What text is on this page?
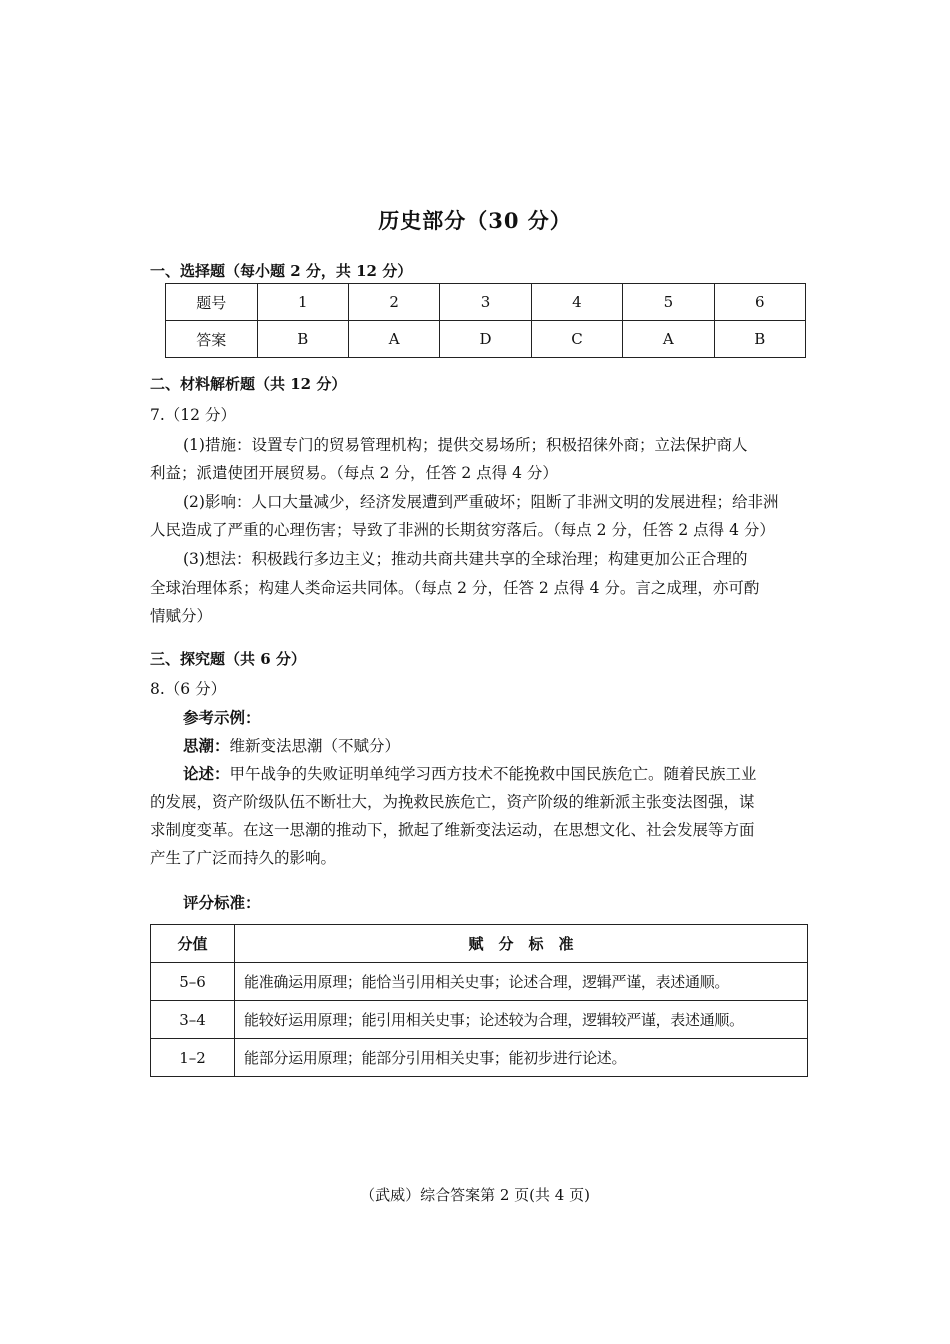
历史部分（30 分）
一、选择题（每小题 2 分，共 12 分）
题号	1	2	3	4	5	6
答案	B	A	D	C	A	B
二、材料解析题（共 12 分）
7.（12 分）
(1)措施：设置专门的贸易管理机构；提供交易场所；积极招徕外商；立法保护商人
利益；派遣使团开展贸易。（每点 2 分，任答 2 点得 4 分）
(2)影响：人口大量减少，经济发展遭到严重破坏；阻断了非洲文明的发展进程；给非洲
人民造成了严重的心理伤害；导致了非洲的长期贫穷落后。（每点 2 分，任答 2 点得 4 分）
(3)想法：积极践行多边主义；推动共商共建共享的全球治理；构建更加公正合理的
全球治理体系；构建人类命运共同体。（每点 2 分，任答 2 点得 4 分。言之成理，亦可酌
情赋分）
三、探究题（共 6 分）
8.（6 分）
参考示例：
思潮：维新变法思潮（不赋分）
论述：甲午战争的失败证明单纯学习西方技术不能挽救中国民族危亡。随着民族工业
的发展，资产阶级队伍不断壮大，为挽救民族危亡，资产阶级的维新派主张变法图强，谋
求制度变革。在这一思潮的推动下，掀起了维新变法运动，在思想文化、社会发展等方面
产生了广泛而持久的影响。
评分标准：
分值	赋　分　标　准
5–6	能准确运用原理；能恰当引用相关史事；论述合理，逻辑严谨，表述通顺。
3–4	能较好运用原理；能引用相关史事；论述较为合理，逻辑较严谨，表述通顺。
1–2	能部分运用原理；能部分引用相关史事；能初步进行论述。
（武威）综合答案第 2 页(共 4 页)
